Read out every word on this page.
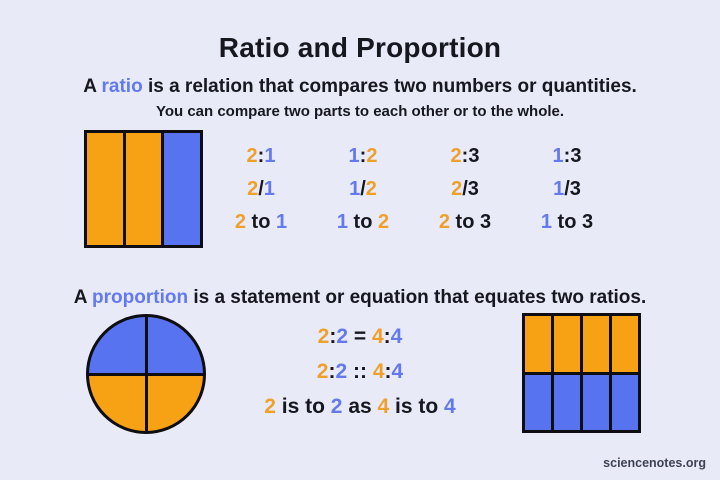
Ratio and Proportion

A ratio is a relation that compares two numbers or quantities.

You can compare two parts to each other or to the whole.

2:1	1:2	2:3	1:3
2/1	1/2	2/3	1/3
2 to 1	1 to 2	2 to 3	1 to 3

A proportion is a statement or equation that equates two ratios.

2:2 = 4:4
2:2 :: 4:4
2 is to 2 as 4 is to 4
sciencenotes.org
